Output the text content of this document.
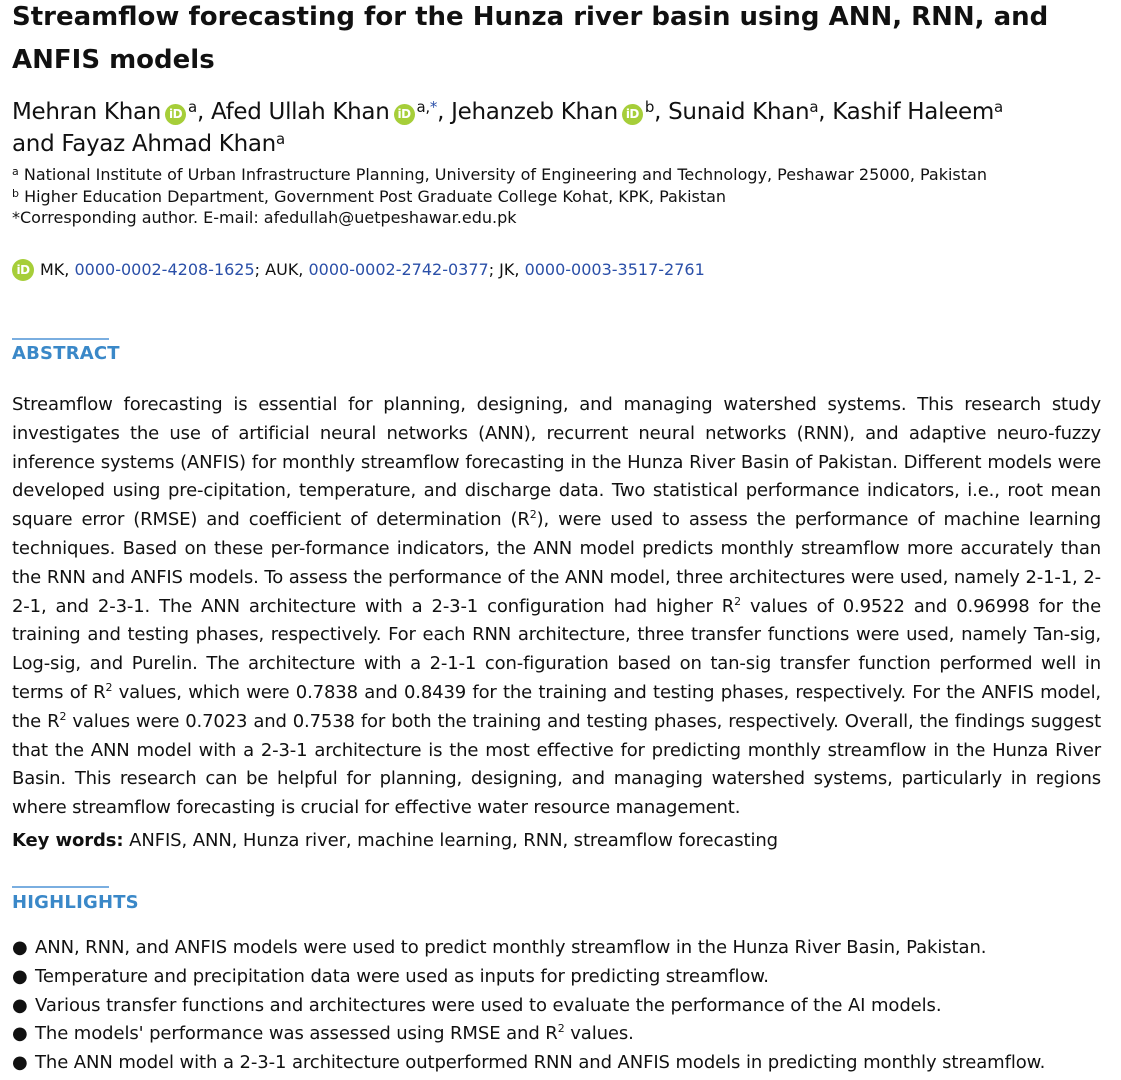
Streamflow forecasting for the Hunza river basin using ANN, RNN, and ANFIS models
Mehran Khan iD $^a$, Afed Ullah Khan iD $^{a,*}$, Jehanzeb Khan iD $^b$, Sunaid Khan$^a$, Kashif Haleem$^a$
and Fayaz Ahmad Khan$^a$
$^a$ National Institute of Urban Infrastructure Planning, University of Engineering and Technology, Peshawar 25000, Pakistan
$^b$ Higher Education Department, Government Post Graduate College Kohat, KPK, Pakistan
*Corresponding author. E-mail: afedullah@uetpeshawar.edu.pk
iD MK, 0000-0002-4208-1625; AUK, 0000-0002-2742-0377; JK, 0000-0003-3517-2761
ABSTRACT

Streamflow forecasting is essential for planning, designing, and managing watershed systems. This research study investigates the use of artificial neural networks (ANN), recurrent neural networks (RNN), and adaptive neuro-fuzzy inference systems (ANFIS) for monthly streamflow forecasting in the Hunza River Basin of Pakistan. Different models were developed using pre-cipitation, temperature, and discharge data. Two statistical performance indicators, i.e., root mean square error (RMSE) and coefficient of determination $(R^2)$, were used to assess the performance of machine learning techniques. Based on these per-formance indicators, the ANN model predicts monthly streamflow more accurately than the RNN and ANFIS models. To assess the performance of the ANN model, three architectures were used, namely 2-1-1, 2-2-1, and 2-3-1. The ANN architecture with a 2-3-1 configuration had higher $R^2$ values of 0.9522 and 0.96998 for the training and testing phases, respectively. For each RNN architecture, three transfer functions were used, namely Tan-sig, Log-sig, and Purelin. The architecture with a 2-1-1 con-figuration based on tan-sig transfer function performed well in terms of $R^2$ values, which were 0.7838 and 0.8439 for the training and testing phases, respectively. For the ANFIS model, the $R^2$ values were 0.7023 and 0.7538 for both the training and testing phases, respectively. Overall, the findings suggest that the ANN model with a 2-3-1 architecture is the most effective for predicting monthly streamflow in the Hunza River Basin. This research can be helpful for planning, designing, and managing watershed systems, particularly in regions where streamflow forecasting is crucial for effective water resource management.

Key words: ANFIS, ANN, Hunza river, machine learning, RNN, streamflow forecasting
HIGHLIGHTS
● ANN, RNN, and ANFIS models were used to predict monthly streamflow in the Hunza River Basin, Pakistan.
● Temperature and precipitation data were used as inputs for predicting streamflow.
● Various transfer functions and architectures were used to evaluate the performance of the AI models.
● The models' performance was assessed using RMSE and $R^2$ values.
● The ANN model with a 2-3-1 architecture outperformed RNN and ANFIS models in predicting monthly streamflow.
